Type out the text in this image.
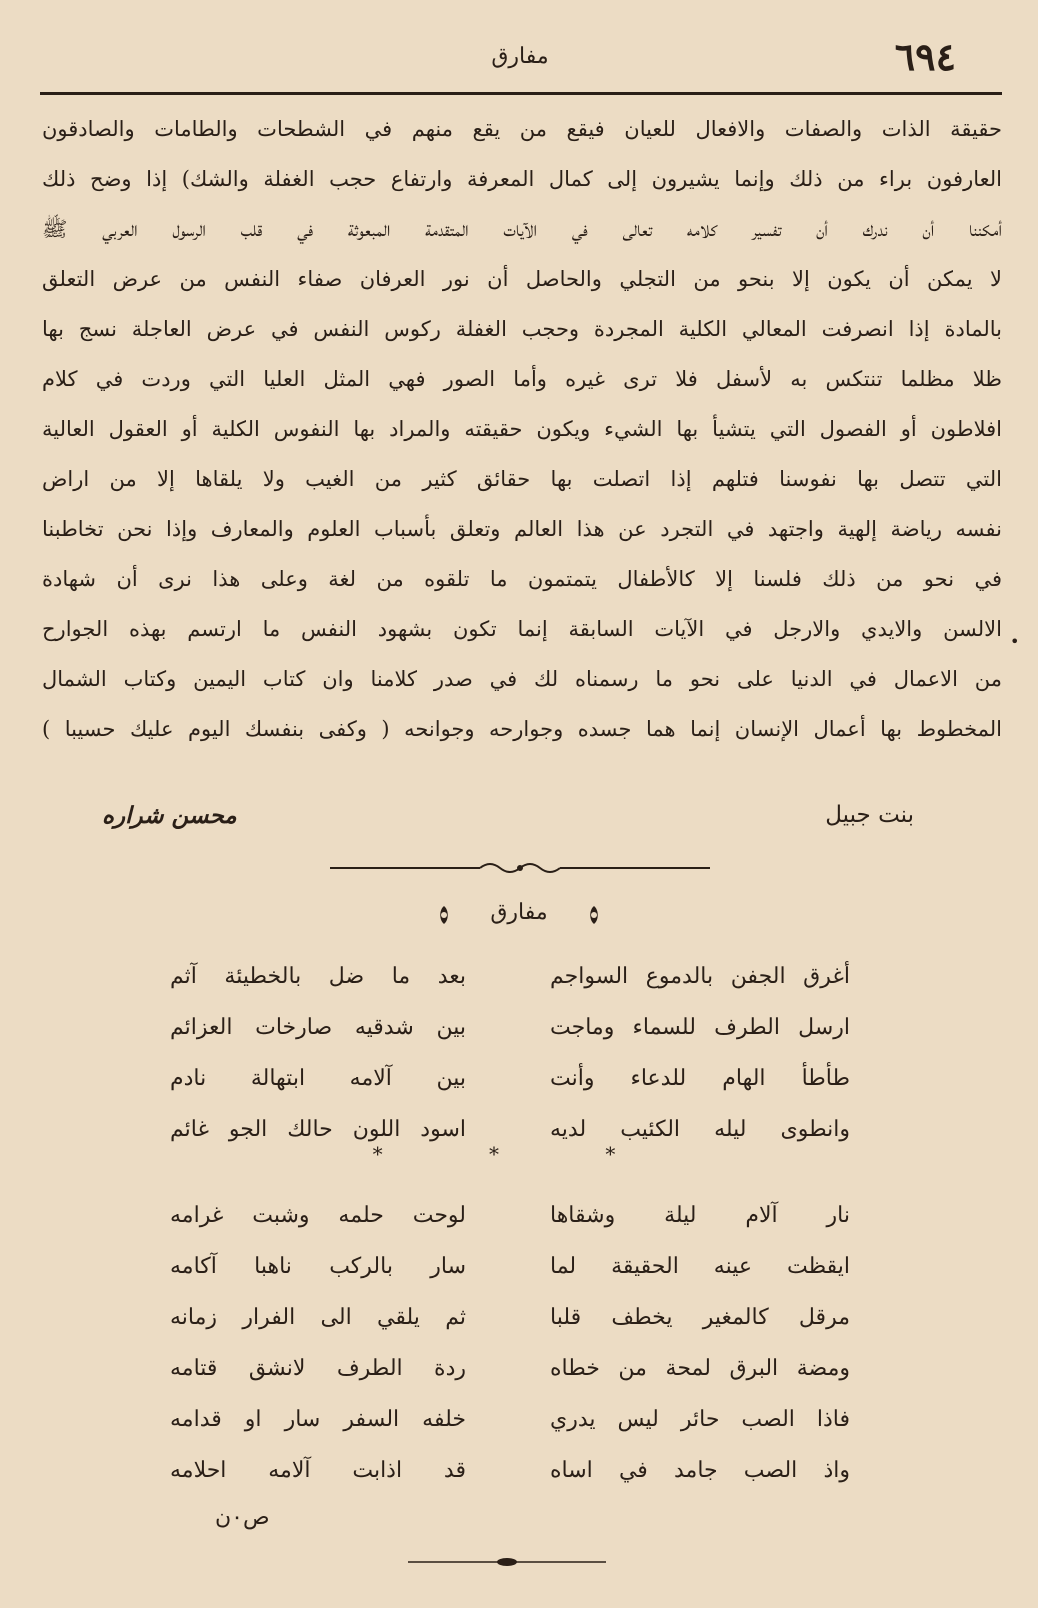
مفارق	٦٩٤
حقيقة الذات والصفات والافعال للعيان فيقع من يقع منهم في الشطحات والطامات والصادقون
العارفون براء من ذلك وإنما يشيرون إلى كمال المعرفة وارتفاع حجب الغفلة والشك) إذا وضح ذلك
أمكننا أن ندرك أن تفسير كلامه تعالى في الآيات المتقدمة المبعوثة في قلب الرسول العربي ﷺ
لا يمكن أن يكون إلا بنحو من التجلي والحاصل أن نور العرفان صفاء النفس من عرض التعلق
بالمادة إذا انصرفت المعالي الكلية المجردة وحجب الغفلة ركوس النفس في عرض العاجلة نسج بها
ظلا مظلما تنتكس به لأسفل فلا ترى غيره وأما الصور فهي المثل العليا التي وردت في كلام
افلاطون أو الفصول التي يتشيأ بها الشيء ويكون حقيقته والمراد بها النفوس الكلية أو العقول العالية
التي تتصل بها نفوسنا فتلهم إذا اتصلت بها حقائق كثير من الغيب ولا يلقاها إلا من اراض
نفسه رياضة إلهية واجتهد في التجرد عن هذا العالم وتعلق بأسباب العلوم والمعارف وإذا نحن تخاطبنا
في نحو من ذلك فلسنا إلا كالأطفال يتمتمون ما تلقوه من لغة وعلى هذا نرى أن شهادة
الالسن والايدي والارجل في الآيات السابقة إنما تكون بشهود النفس ما ارتسم بهذه الجوارح
من الاعمال في الدنيا على نحو ما رسمناه لك في صدر كلامنا وان كتاب اليمين وكتاب الشمال
المخطوط بها أعمال الإنسان إنما هما جسده وجوارحه وجوانحه ( وكفى بنفسك اليوم عليك حسيبا )
•
بنت جبيل
محسن شراره
مفارق
أغرق الجفن بالدموع السواجم
بعد ما ضل بالخطيئة آثم
ارسل الطرف للسماء وماجت
بين شدقيه صارخات العزائم
طأطأ الهام للدعاء وأنت
بين آلامه ابتهالة نادم
وانطوى ليله الكئيب لديه
اسود اللون حالك الجو غائم
* * *
نار آلام ليلة وشقاها
لوحت حلمه وشبت غرامه
ايقظت عينه الحقيقة لما
سار بالركب ناهبا آكامه
مرقل كالمغير يخطف قلبا
ثم يلقي الى الفرار زمانه
ومضة البرق لمحة من خطاه
ردة الطرف لانشق قتامه
فاذا الصب حائر ليس يدري
خلفه السفر سار او قدامه
واذ الصب جامد في اساه
قد اذابت آلامه احلامه
ص٠ن
